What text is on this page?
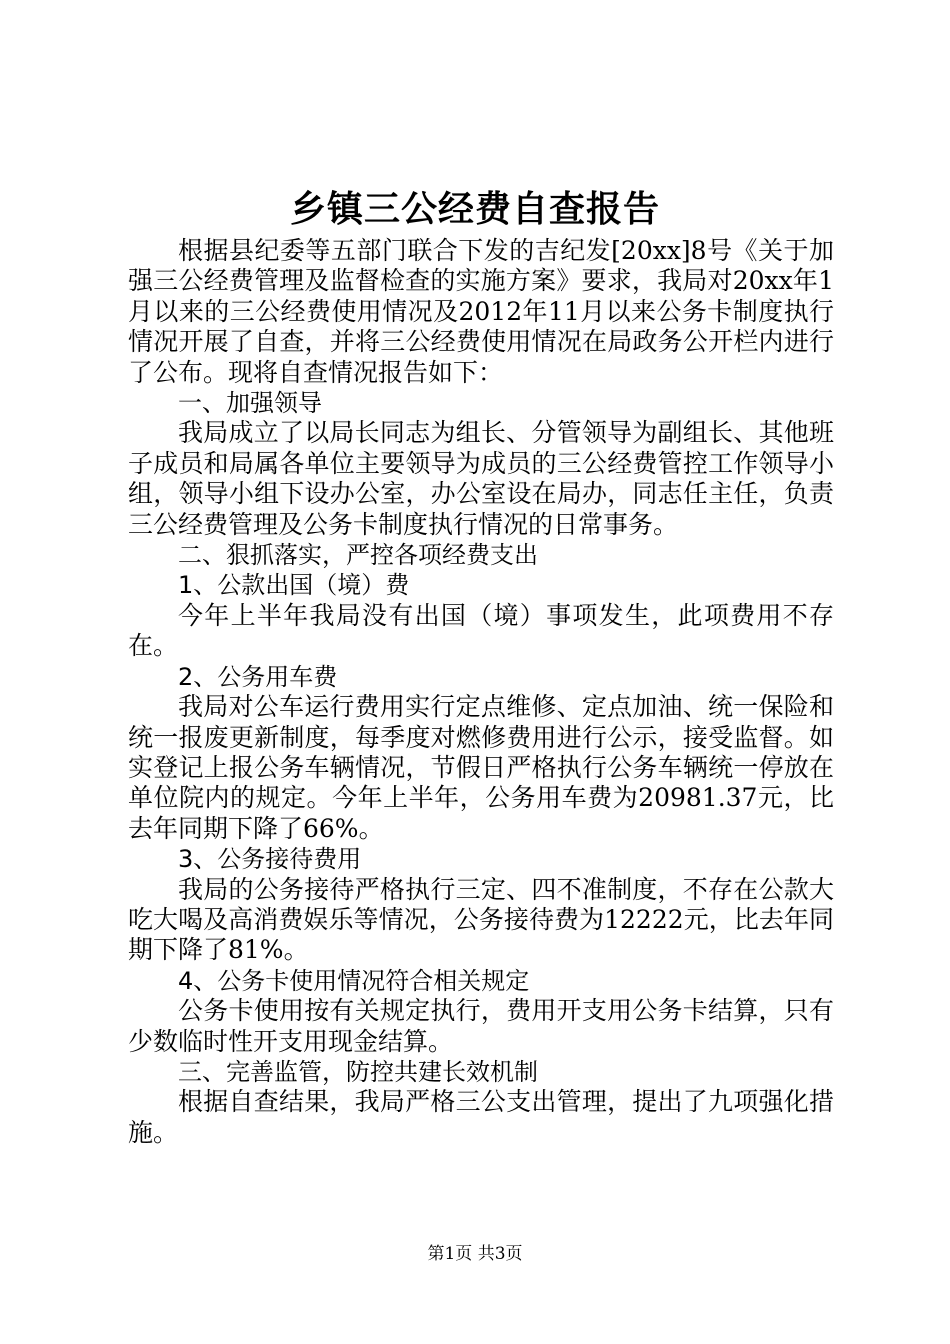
乡镇三公经费自查报告

根据县纪委等五部门联合下发的吉纪发[20xx]8号《关于加强三公经费管理及监督检查的实施方案》要求，我局对20xx年1月以来的三公经费使用情况及2012年11月以来公务卡制度执行情况开展了自查，并将三公经费使用情况在局政务公开栏内进行了公布。现将自查情况报告如下：

一、加强领导

我局成立了以局长同志为组长、分管领导为副组长、其他班子成员和局属各单位主要领导为成员的三公经费管控工作领导小组，领导小组下设办公室，办公室设在局办，同志任主任，负责三公经费管理及公务卡制度执行情况的日常事务。

二、狠抓落实，严控各项经费支出

1、公款出国（境）费

今年上半年我局没有出国（境）事项发生，此项费用不存在。

2、公务用车费

我局对公车运行费用实行定点维修、定点加油、统一保险和统一报废更新制度，每季度对燃修费用进行公示，接受监督。如实登记上报公务车辆情况，节假日严格执行公务车辆统一停放在单位院内的规定。今年上半年，公务用车费为20981.37元，比去年同期下降了66%。

3、公务接待费用

我局的公务接待严格执行三定、四不准制度，不存在公款大吃大喝及高消费娱乐等情况，公务接待费为12222元，比去年同期下降了81%。

4、公务卡使用情况符合相关规定

公务卡使用按有关规定执行，费用开支用公务卡结算，只有少数临时性开支用现金结算。

三、完善监管，防控共建长效机制

根据自查结果，我局严格三公支出管理，提出了九项强化措施。

第1页 共3页
